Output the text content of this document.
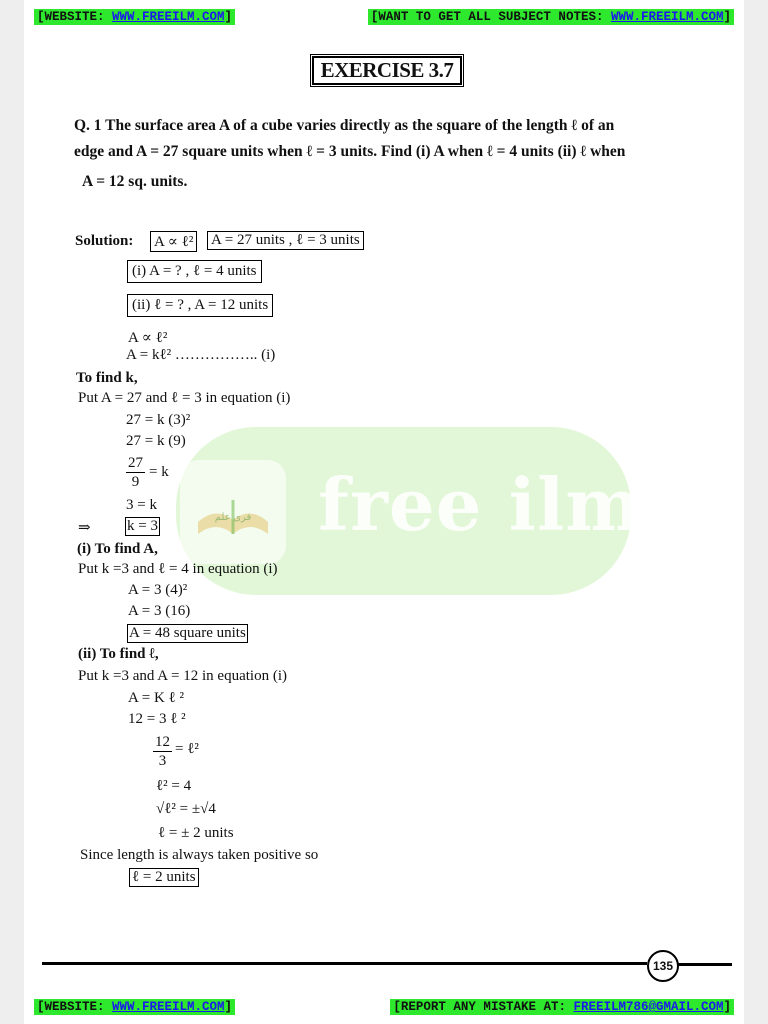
[WEBSITE: WWW.FREEILM.COM]	[WANT TO GET ALL SUBJECT NOTES: WWW.FREEILM.COM]
EXERCISE 3.7
Q. 1 The surface area A of a cube varies directly as the square of the length ℓ of an
edge and A = 27 square units when ℓ = 3 units. Find (i) A when ℓ = 4 units (ii) ℓ when
A = 12 sq. units.
فری علم free ilm.
Solution: A ∝ ℓ² A = 27 units , ℓ = 3 units
(i) A = ? , ℓ = 4 units
(ii) ℓ = ? , A = 12 units
A ∝ ℓ²
A = kℓ² …………….. (i)
To find k,
Put A = 27 and ℓ = 3 in equation (i)
27 = k (3)²
27 = k (9)
$\frac{27}{9} = k$
3 = k
⇒ k = 3
(i) To find A,
Put k =3 and ℓ = 4 in equation (i)
A = 3 (4)²
A = 3 (16)
A = 48 square units
(ii) To find ℓ,
Put k =3 and A = 12 in equation (i)
A = K ℓ ²
12 = 3 ℓ ²
$\frac{12}{3}$ = ℓ²
ℓ² = 4
√ℓ² = ±√4
ℓ = ± 2 units
Since length is always taken positive so
ℓ = 2 units
135
[WEBSITE: WWW.FREEILM.COM]	[REPORT ANY MISTAKE AT: FREEILM786@GMAIL.COM]
